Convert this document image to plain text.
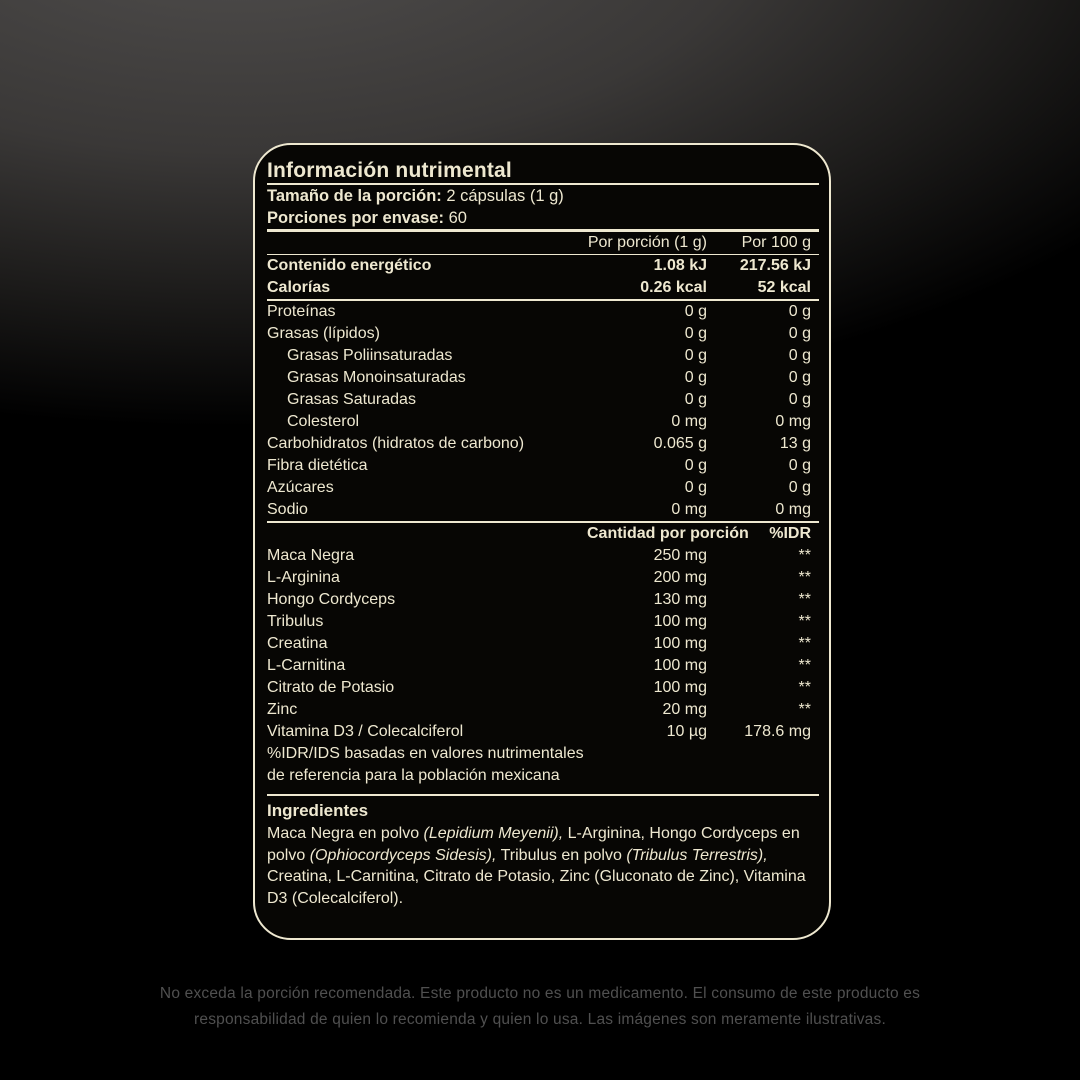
Información nutrimental
Tamaño de la porción: 2 cápsulas (1 g)
Porciones por envase: 60
Por porción (1 g)	Por 100 g
Contenido energético	1.08 kJ	217.56 kJ
Calorías	0.26 kcal	52 kcal
Proteínas	0 g	0 g
Grasas (lípidos)	0 g	0 g
Grasas Poliinsaturadas	0 g	0 g
Grasas Monoinsaturadas	0 g	0 g
Grasas Saturadas	0 g	0 g
Colesterol	0 mg	0 mg
Carbohidratos (hidratos de carbono)	0.065 g	13 g
Fibra dietética	0 g	0 g
Azúcares	0 g	0 g
Sodio	0 mg	0 mg
Cantidad por porción	%IDR
Maca Negra	250 mg	**
L-Arginina	200 mg	**
Hongo Cordyceps	130 mg	**
Tribulus	100 mg	**
Creatina	100 mg	**
L-Carnitina	100 mg	**
Citrato de Potasio	100 mg	**
Zinc	20 mg	**
Vitamina D3 / Colecalciferol	10 µg	178.6 mg
%IDR/IDS basadas en valores nutrimentales
de referencia para la población mexicana
Ingredientes

Maca Negra en polvo (Lepidium Meyenii), L-Arginina, Hongo Cordyceps en polvo (Ophiocordyceps Sidesis), Tribulus en polvo (Tribulus Terrestris), Creatina, L-Carnitina, Citrato de Potasio, Zinc (Gluconato de Zinc), Vitamina D3 (Colecalciferol).

No exceda la porción recomendada. Este producto no es un medicamento. El consumo de este producto es responsabilidad de quien lo recomienda y quien lo usa. Las imágenes son meramente ilustrativas.
